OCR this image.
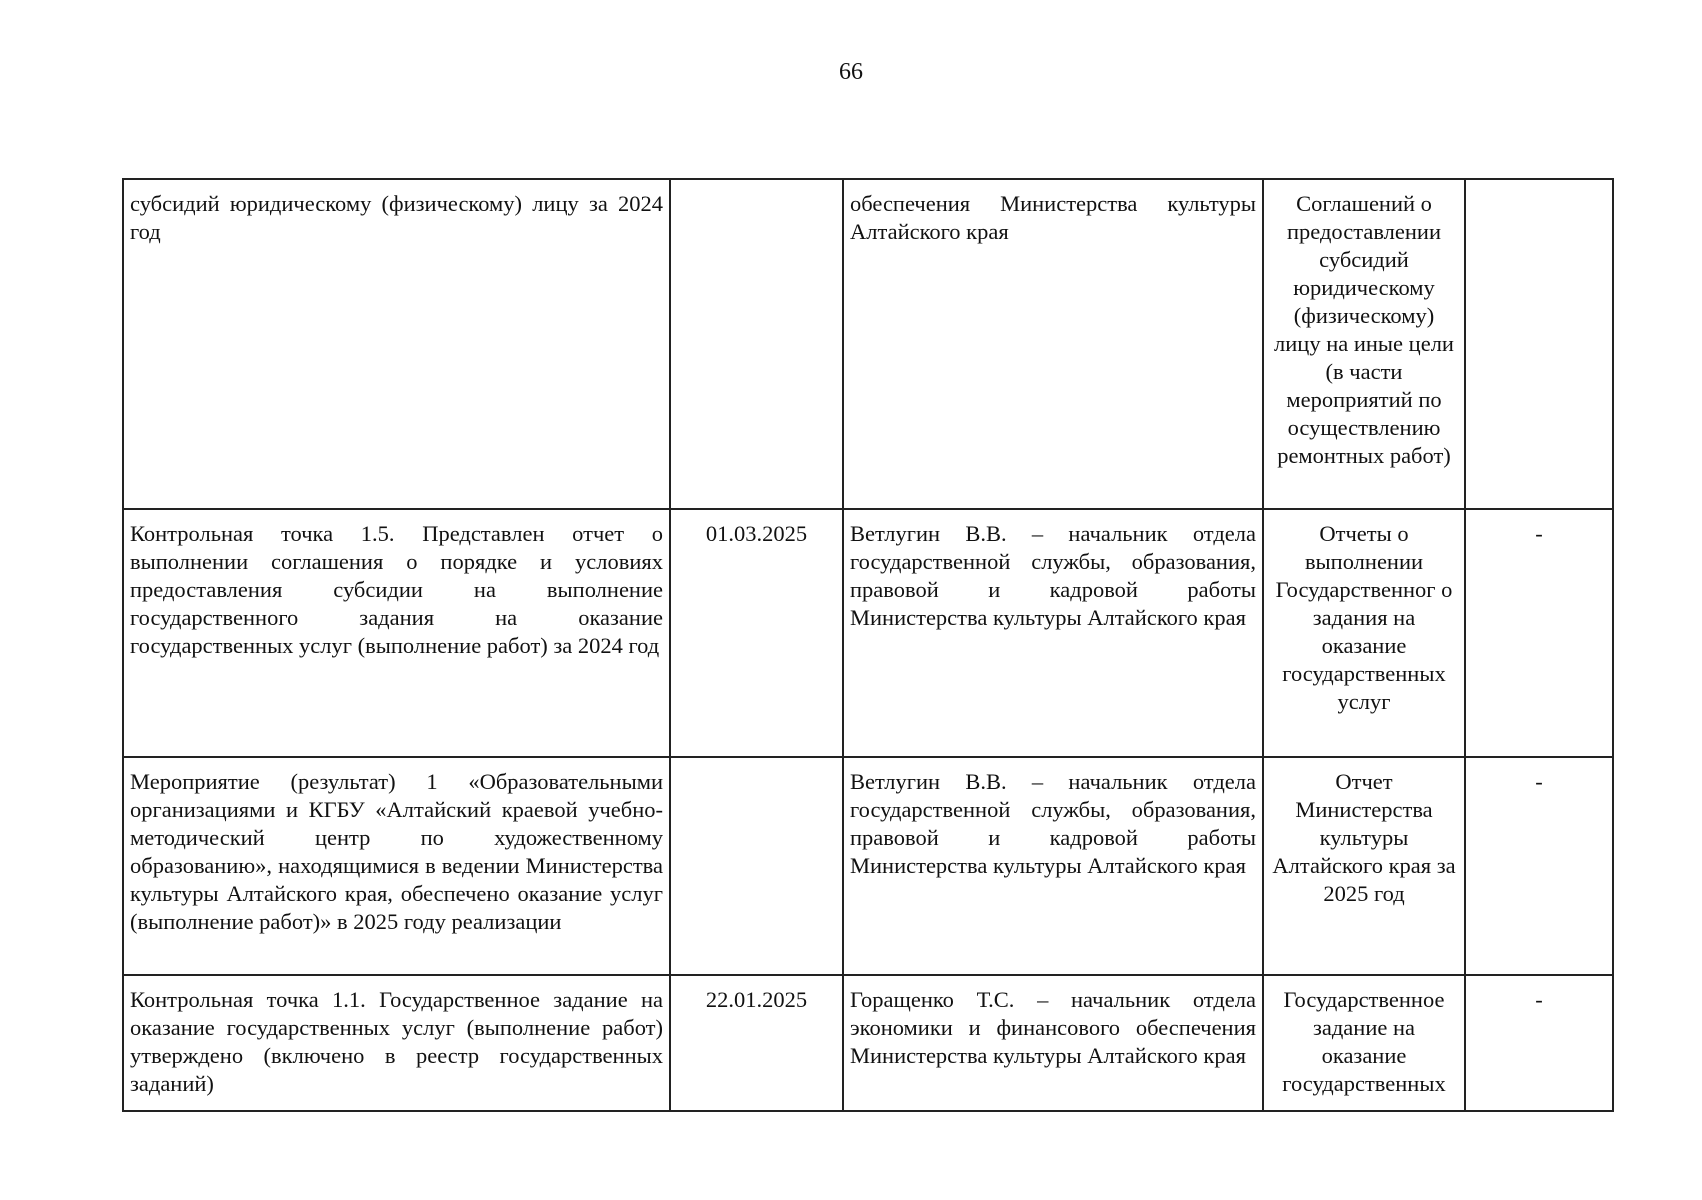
66
субсидий юридическому (физическому) лицу за 2024 год		обеспечения Министерства культуры Алтайского края	Соглашений о предоставлении субсидий юридическому (физическому) лицу на иные цели (в части мероприятий по осуществлению ремонтных работ)	
Контрольная точка 1.5. Представлен отчет о выполнении соглашения о порядке и условиях предоставления субсидии на выполнение государственного задания на оказание государственных услуг (выполнение работ) за 2024 год	01.03.2025	Ветлугин В.В. – начальник отдела государственной службы, образования, правовой и кадровой работы Министерства культуры Алтайского края	Отчеты о выполнении Государственног о задания на оказание государственных услуг	-
Мероприятие (результат) 1 «Образовательными организациями и КГБУ «Алтайский краевой учебно-методический центр по художественному образованию», находящимися в ведении Министерства культуры Алтайского края, обеспечено оказание услуг (выполнение работ)» в 2025 году реализации		Ветлугин В.В. – начальник отдела государственной службы, образования, правовой и кадровой работы Министерства культуры Алтайского края	Отчет Министерства культуры Алтайского края за 2025 год	-
Контрольная точка 1.1. Государственное задание на оказание государственных услуг (выполнение работ) утверждено (включено в реестр государственных заданий)	22.01.2025	Горащенко Т.С. – начальник отдела экономики и финансового обеспечения Министерства культуры Алтайского края	Государственное задание на оказание государственных	-
